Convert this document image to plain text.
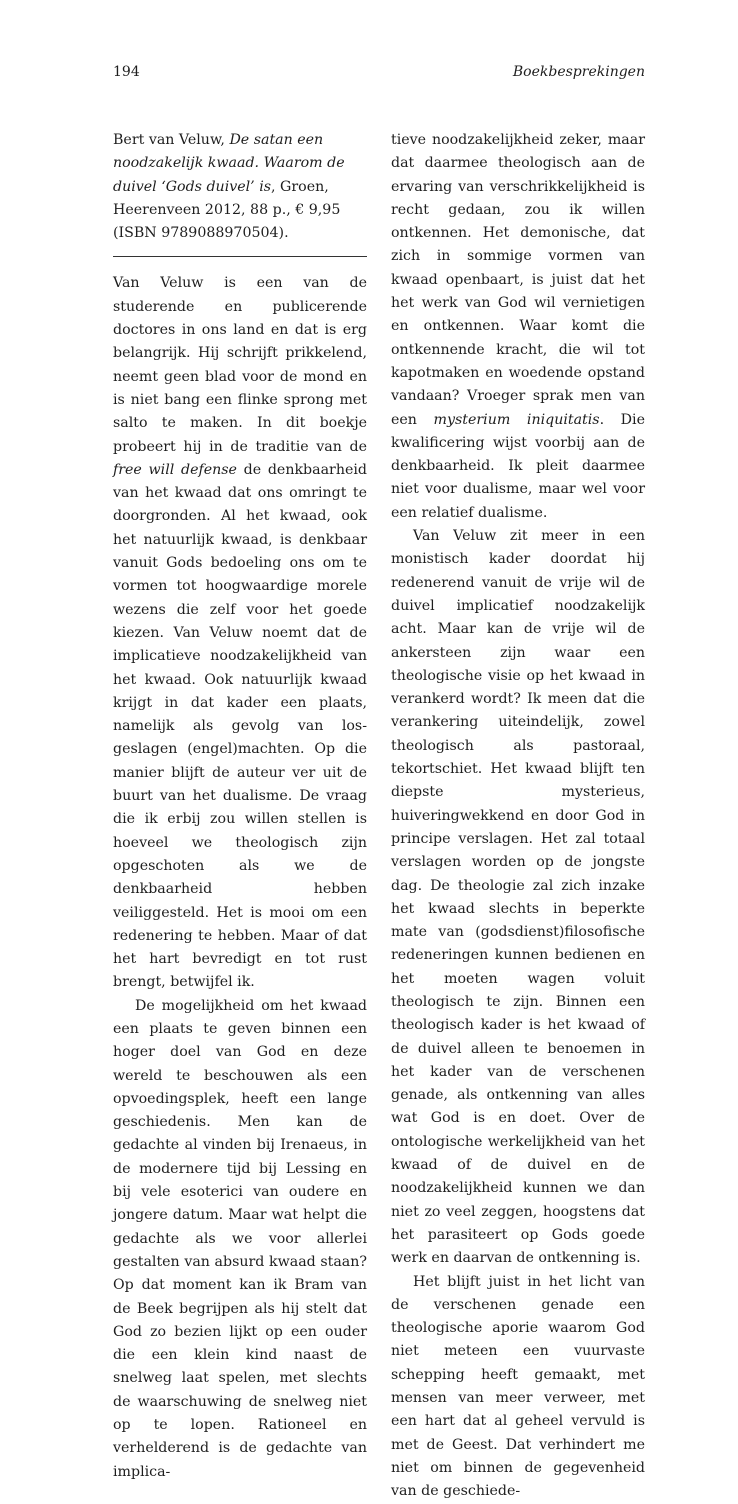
194	Boekbesprekingen

Bert van Veluw, De satan een noodzakelijk kwaad. Waarom de duivel ‘Gods duivel’ is, Groen, Heerenveen 2012, 88 p., € 9,95 (ISBN 9789088970504).

Van Veluw is een van de studerende en publicerende doctores in ons land en dat is erg belangrijk. Hij schrijft prikkelend, neemt geen blad voor de mond en is niet bang een flinke sprong met salto te maken. In dit boekje probeert hij in de traditie van de free will defense de denkbaarheid van het kwaad dat ons omringt te doorgronden. Al het kwaad, ook het natuurlijk kwaad, is denkbaar vanuit Gods bedoeling ons om te vormen tot hoogwaardige morele wezens die zelf voor het goede kiezen. Van Veluw noemt dat de implicatieve noodzakelijkheid van het kwaad. Ook natuurlijk kwaad krijgt in dat kader een plaats, namelijk als gevolg van losgeslagen (engel)machten. Op die manier blijft de auteur ver uit de buurt van het dualisme. De vraag die ik erbij zou willen stellen is hoeveel we theologisch zijn opgeschoten als we de denkbaarheid hebben veiliggesteld. Het is mooi om een redenering te hebben. Maar of dat het hart bevredigt en tot rust brengt, betwijfel ik.

De mogelijkheid om het kwaad een plaats te geven binnen een hoger doel van God en deze wereld te beschouwen als een opvoedingsplek, heeft een lange geschiedenis. Men kan de gedachte al vinden bij Irenaeus, in de modernere tijd bij Lessing en bij vele esoterici van oudere en jongere datum. Maar wat helpt die gedachte als we voor allerlei gestalten van absurd kwaad staan? Op dat moment kan ik Bram van de Beek begrijpen als hij stelt dat God zo bezien lijkt op een ouder die een klein kind naast de snelweg laat spelen, met slechts de waarschuwing de snelweg niet op te lopen. Rationeel en verhelderend is de gedachte van implica-

tieve noodzakelijkheid zeker, maar dat daarmee theologisch aan de ervaring van verschrikkelijkheid is recht gedaan, zou ik willen ontkennen. Het demonische, dat zich in sommige vormen van kwaad openbaart, is juist dat het het werk van God wil vernietigen en ontkennen. Waar komt die ontkennende kracht, die wil tot kapotmaken en woedende opstand vandaan? Vroeger sprak men van een mysterium iniquitatis. Die kwalificering wijst voorbij aan de denkbaarheid. Ik pleit daarmee niet voor dualisme, maar wel voor een relatief dualisme.

Van Veluw zit meer in een monistisch kader doordat hij redenerend vanuit de vrije wil de duivel implicatief noodzakelijk acht. Maar kan de vrije wil de ankersteen zijn waar een theologische visie op het kwaad in verankerd wordt? Ik meen dat die verankering uiteindelijk, zowel theologisch als pastoraal, tekortschiet. Het kwaad blijft ten diepste mysterieus, huiveringwekkend en door God in principe verslagen. Het zal totaal verslagen worden op de jongste dag. De theologie zal zich inzake het kwaad slechts in beperkte mate van (godsdienst)filosofische redeneringen kunnen bedienen en het moeten wagen voluit theologisch te zijn. Binnen een theologisch kader is het kwaad of de duivel alleen te benoemen in het kader van de verschenen genade, als ontkenning van alles wat God is en doet. Over de ontologische werkelijkheid van het kwaad of de duivel en de noodzakelijkheid kunnen we dan niet zo veel zeggen, hoogstens dat het parasiteert op Gods goede werk en daarvan de ontkenning is.

Het blijft juist in het licht van de verschenen genade een theologische aporie waarom God niet meteen een vuurvaste schepping heeft gemaakt, met mensen van meer verweer, met een hart dat al geheel vervuld is met de Geest. Dat verhindert me niet om binnen de gegevenheid van de geschiede-
